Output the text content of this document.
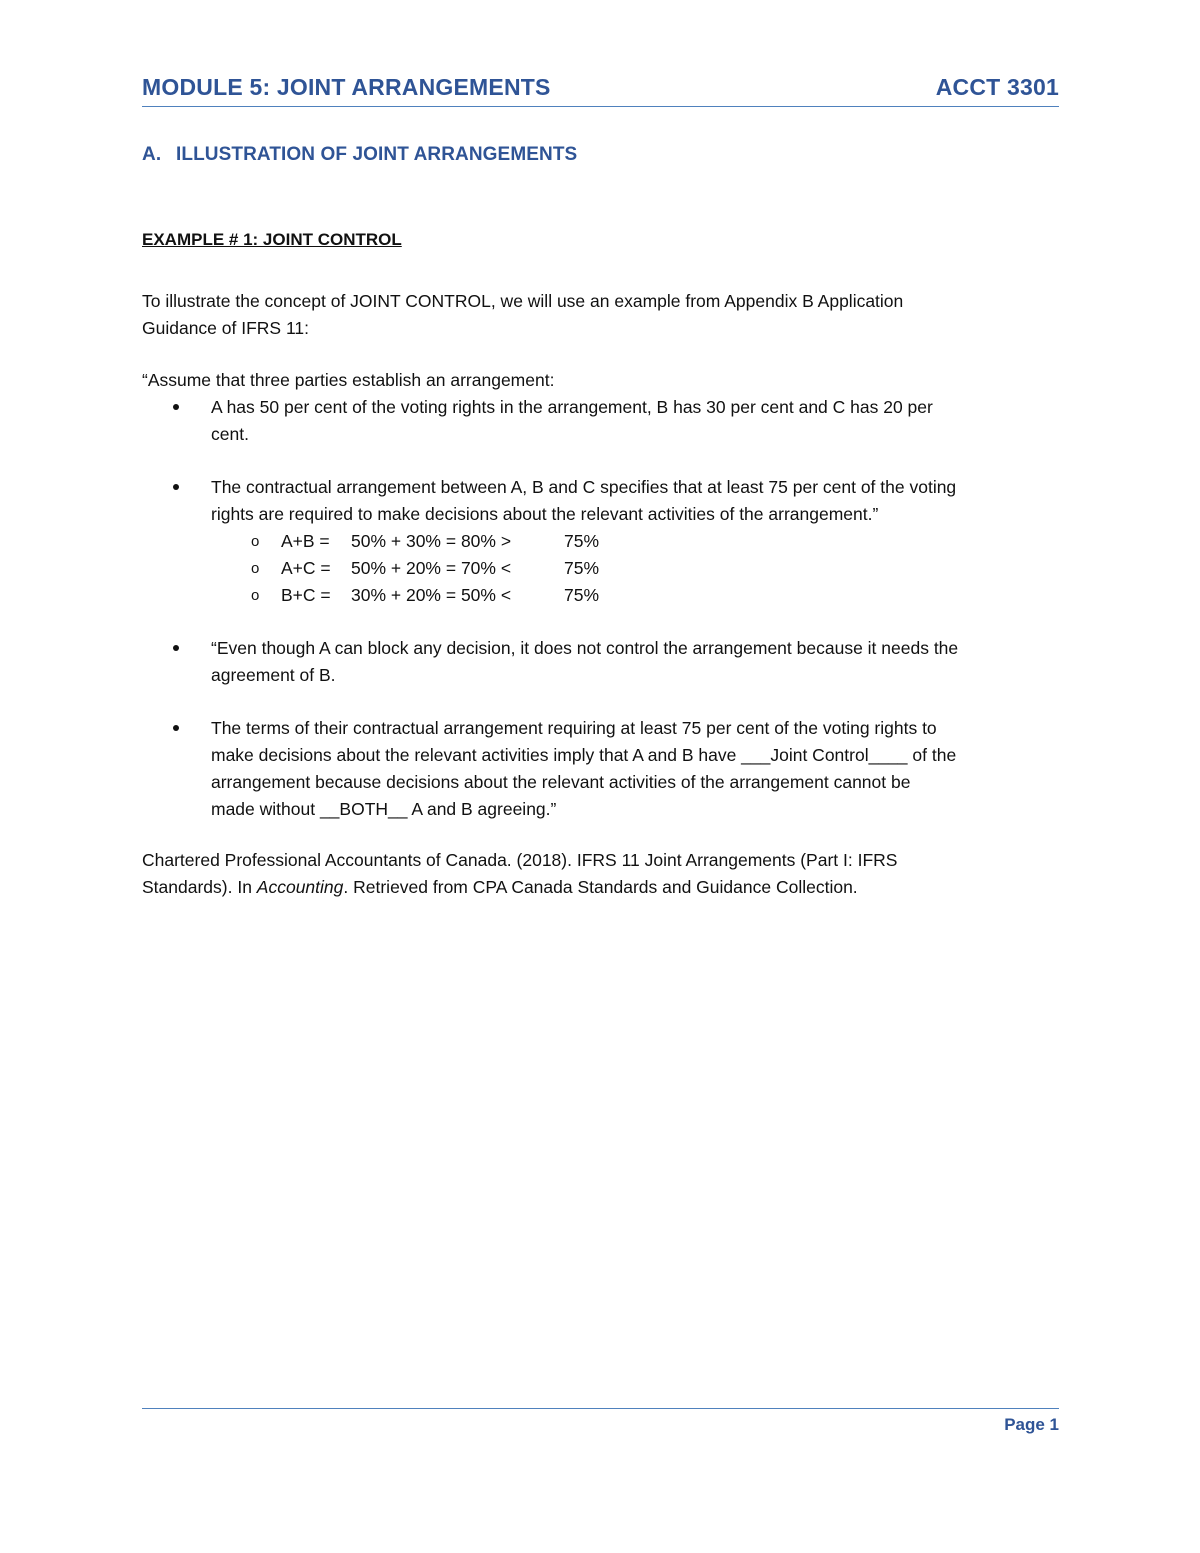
MODULE 5: JOINT ARRANGEMENTS	ACCT 3301
A. ILLUSTRATION OF JOINT ARRANGEMENTS
EXAMPLE # 1: JOINT CONTROL
To illustrate the concept of JOINT CONTROL, we will use an example from Appendix B Application
Guidance of IFRS 11:
“Assume that three parties establish an arrangement:
A has 50 per cent of the voting rights in the arrangement, B has 30 per cent and C has 20 per
cent.
The contractual arrangement between A, B and C specifies that at least 75 per cent of the voting
rights are required to make decisions about the relevant activities of the arrangement.”
o A+B = 50% + 30% = 80% >	75%
o A+C = 50% + 20% = 70% <	75%
o B+C = 30% + 20% = 50% <	75%
“Even though A can block any decision, it does not control the arrangement because it needs the
agreement of B.
The terms of their contractual arrangement requiring at least 75 per cent of the voting rights to
make decisions about the relevant activities imply that A and B have ___Joint Control____ of the
arrangement because decisions about the relevant activities of the arrangement cannot be
made without __BOTH__ A and B agreeing.”
Chartered Professional Accountants of Canada. (2018). IFRS 11 Joint Arrangements (Part I: IFRS
Standards). In Accounting. Retrieved from CPA Canada Standards and Guidance Collection.
Page 1
